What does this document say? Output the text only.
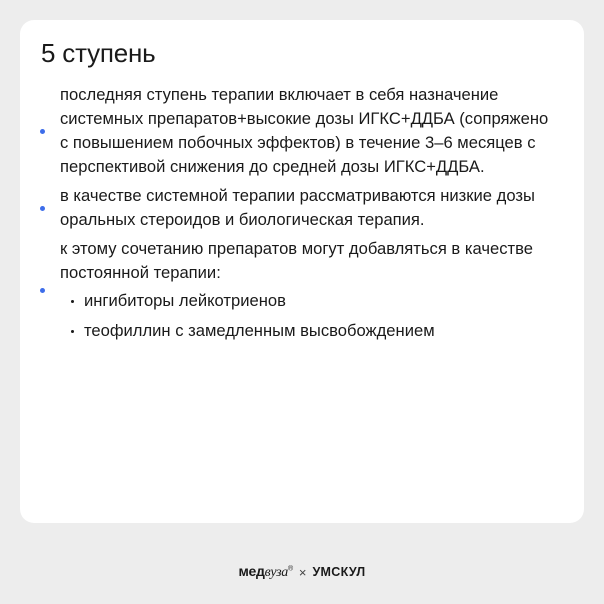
5 ступень
последняя ступень терапии включает в себя назначение системных препаратов+высокие дозы ИГКС+ДДБА (сопряжено с повышением побочных эффектов) в течение 3–6 месяцев с перспективой снижения до средней дозы ИГКС+ДДБА.
в качестве системной терапии рассматриваются низкие дозы оральных стероидов и биологическая терапия.
к этому сочетанию препаратов могут добавляться в качестве постоянной терапии:
ингибиторы лейкотриенов
теофиллин с замедленным высвобождением
медвуза® × УМСКУЛ
